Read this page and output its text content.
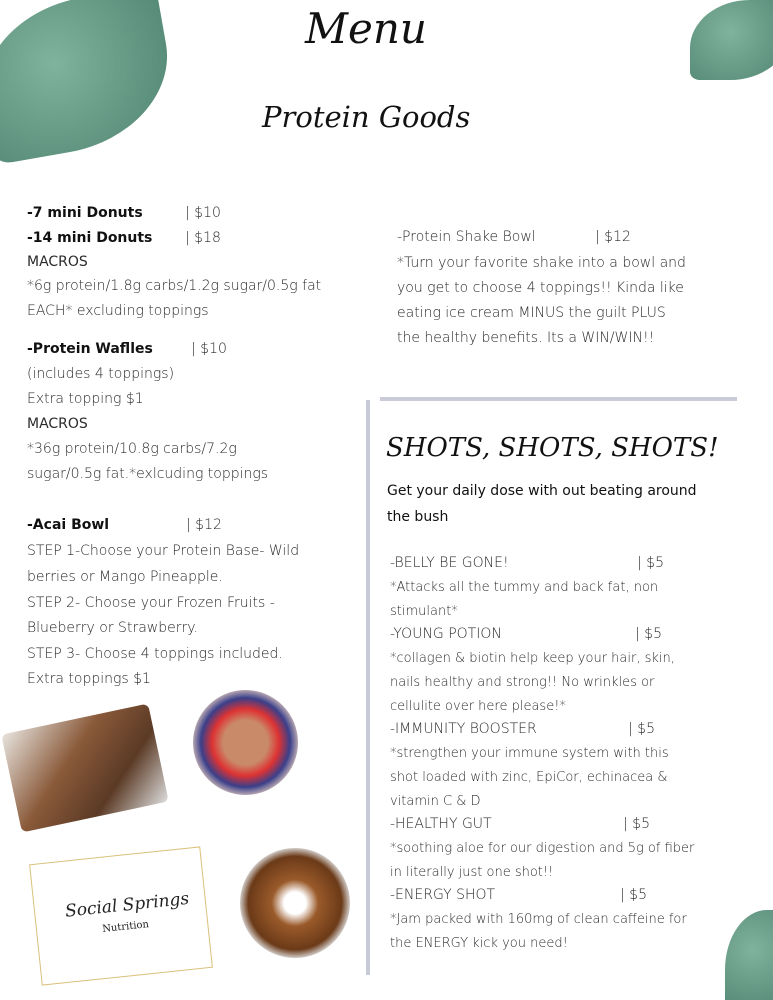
Menu
Protein Goods
-7 mini Donuts	| $10
-14 mini Donuts | $18
MACROS
*6g protein/1.8g carbs/1.2g sugar/0.5g fat
EACH* excluding toppings
-Protein Waflles	| $10
(includes 4 toppings)
Extra topping $1
MACROS
*36g protein/10.8g carbs/7.2g
sugar/0.5g fat.*exlcuding toppings
-Acai Bowl	| $12
STEP 1-Choose your Protein Base- Wild
berries or Mango Pineapple.
STEP 2- Choose your Frozen Fruits -
Blueberry or Strawberry.
STEP 3- Choose 4 toppings included.
Extra toppings $1
Social Springs
Nutrition
-Protein Shake Bowl	| $12
*Turn your favorite shake into a bowl and
you get to choose 4 toppings!! Kinda like
eating ice cream MINUS the guilt PLUS
the healthy benefits. Its a WIN/WIN!!
SHOTS, SHOTS, SHOTS!
Get your daily dose with out beating around
the bush
-BELLY BE GONE!	| $5
*Attacks all the tummy and back fat, non
stimulant*
-YOUNG POTION	| $5
*collagen & biotin help keep your hair, skin,
nails healthy and strong!! No wrinkles or
cellulite over here please!*
-IMMUNITY BOOSTER	| $5
*strengthen your immune system with this
shot loaded with zinc, EpiCor, echinacea &
vitamin C & D
-HEALTHY GUT	| $5
*soothing aloe for our digestion and 5g of fiber
in literally just one shot!!
-ENERGY SHOT	| $5
*Jam packed with 160mg of clean caffeine for
the ENERGY kick you need!
